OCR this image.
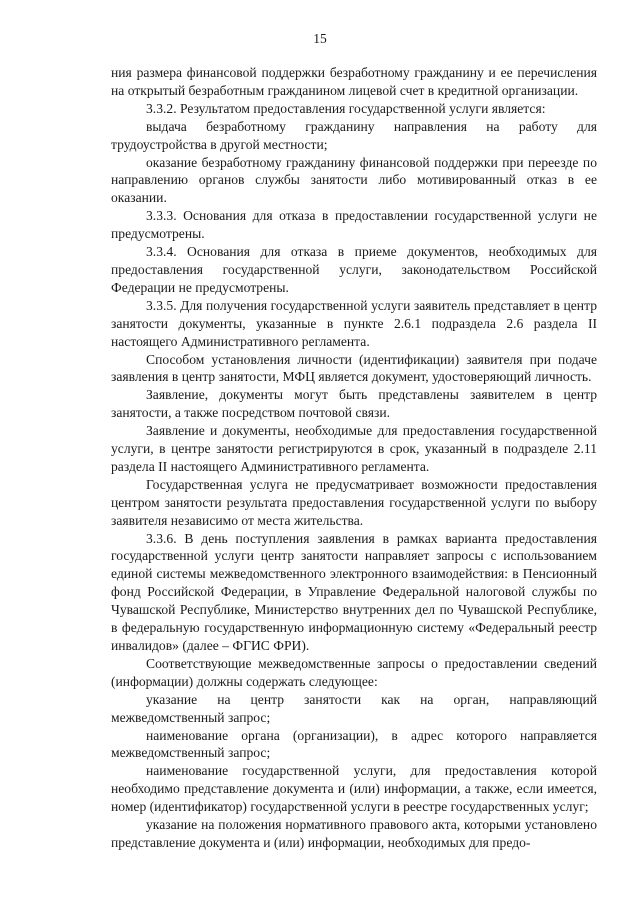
15

ния размера финансовой поддержки безработному гражданину и ее перечисления на открытый безработным гражданином лицевой счет в кредитной организации.

3.3.2. Результатом предоставления государственной услуги является:

выдача безработному гражданину направления на работу для трудоустройства в другой местности;

оказание безработному гражданину финансовой поддержки при переезде по направлению органов службы занятости либо мотивированный отказ в ее оказании.

3.3.3. Основания для отказа в предоставлении государственной услуги не предусмотрены.

3.3.4. Основания для отказа в приеме документов, необходимых для предоставления государственной услуги, законодательством Российской Федерации не предусмотрены.

3.3.5. Для получения государственной услуги заявитель представляет в центр занятости документы, указанные в пункте 2.6.1 подраздела 2.6 раздела II настоящего Административного регламента.

Способом установления личности (идентификации) заявителя при подаче заявления в центр занятости, МФЦ является документ, удостоверяющий личность.

Заявление, документы могут быть представлены заявителем в центр занятости, а также посредством почтовой связи.

Заявление и документы, необходимые для предоставления государственной услуги, в центре занятости регистрируются в срок, указанный в подразделе 2.11 раздела II настоящего Административного регламента.

Государственная услуга не предусматривает возможности предоставления центром занятости результата предоставления государственной услуги по выбору заявителя независимо от места жительства.

3.3.6. В день поступления заявления в рамках варианта предоставления государственной услуги центр занятости направляет запросы с использованием единой системы межведомственного электронного взаимодействия: в Пенсионный фонд Российской Федерации, в Управление Федеральной налоговой службы по Чувашской Республике, Министерство внутренних дел по Чувашской Республике, в федеральную государственную информационную систему «Федеральный реестр инвалидов» (далее – ФГИС ФРИ).

Соответствующие межведомственные запросы о предоставлении сведений (информации) должны содержать следующее:

указание на центр занятости как на орган, направляющий межведомственный запрос;

наименование органа (организации), в адрес которого направляется межведомственный запрос;

наименование государственной услуги, для предоставления которой необходимо представление документа и (или) информации, а также, если имеется, номер (идентификатор) государственной услуги в реестре государственных услуг;

указание на положения нормативного правового акта, которыми установлено представление документа и (или) информации, необходимых для предо-
